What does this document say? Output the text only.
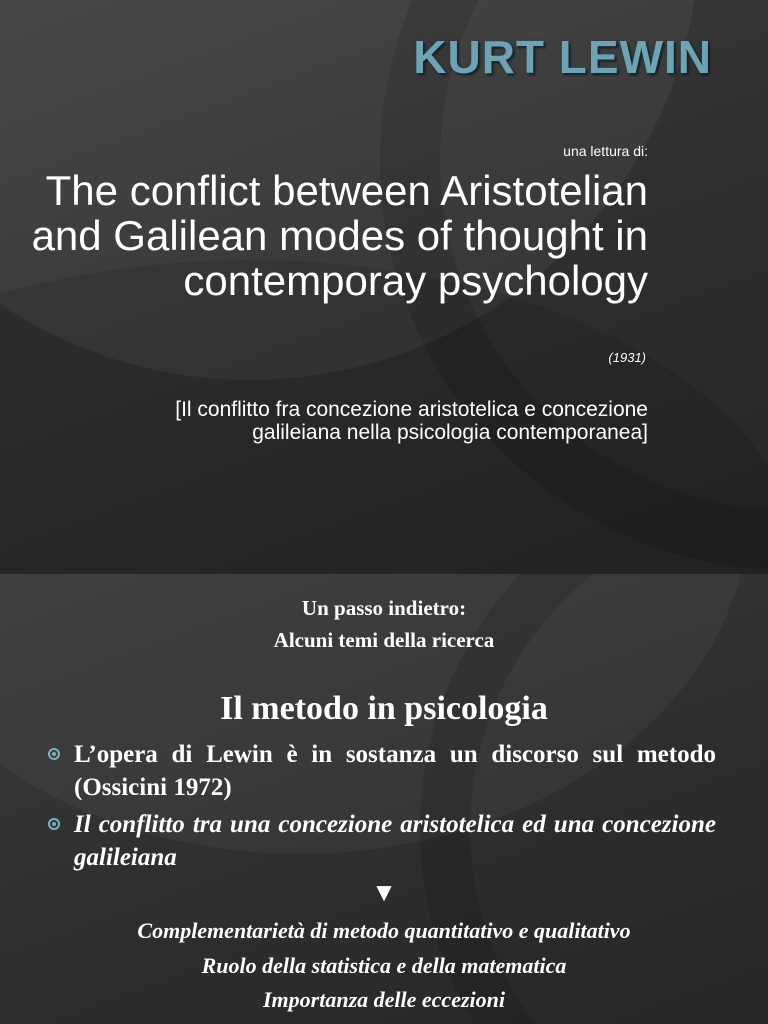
KURT LEWIN
una lettura di:
The conflict between Aristotelian and Galilean modes of thought in contemporay psychology
(1931)
[Il conflitto fra concezione aristotelica e concezione galileiana nella psicologia contemporanea]
Un passo indietro:
Alcuni temi della ricerca
Il metodo in psicologia
L’opera di Lewin è in sostanza un discorso sul metodo (Ossicini 1972)
Il conflitto tra una concezione aristotelica ed una concezione galileiana
▼

Complementarietà di metodo quantitativo e qualitativo

Ruolo della statistica e della matematica

Importanza delle eccezioni
